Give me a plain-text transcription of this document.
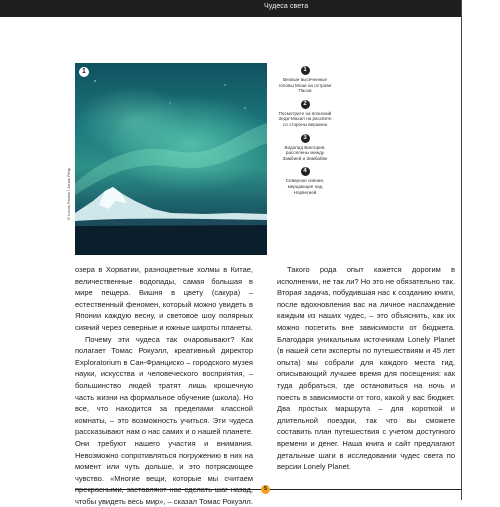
Чудеса света
1
© Lucas Pavlos / Jonas Pimp
1
Вновые высеченные
головы Моаи на острове
Пасхи
2
Посмотрите на японский
Зедж-Махал на рассвете
со стороны вершина
3
Водопад Виктория,
расселены между
Замбией и Зимбабве
4
Северное сияние,
мерцающее над
Норвегией

озера в Хорватии, разноцветные холмы в Китае, величественные водопады, самая большая в мире пещера. Вишня в цвету (сакура) – естественный феномен, который можно увидеть в Японии каждую весну, и световое шоу полярных сияний через северные и южные широты планеты.

Почему эти чудеса так очаровывают? Как полагает Томас Рокуэлл, креативный директор Exploratorium в Сан-Франциско – городского музея науки, искусства и человеческого восприятия, – большинство людей тратят лишь крошечную часть жизни на формальное обучение (школа). Но все, что находится за пределами классной комнаты, – это возможность учиться. Эти чудеса рассказывают нам о нас самих и о нашей планете. Они требуют нашего участия и внимания. Невозможно сопротивляться погружению в них на момент или чуть дольше, и это потрясающее чувство. «Многие вещи, которые мы считаем чтобы увидеть весь мир», – сказал Томас Рокуэлл.

Такого рода опыт кажется дорогим в исполнении, не так ли? Но это не обязательно так. Вторая задача, побудившая нас к созданию книги, после вдохновления вас на личное наслаждение каждым из наших чудес, – это объяснить, как их можно посетить вне зависимости от бюджета. Благодаря уникальным источникам Lonely Planet (в нашей сети эксперты по путешествиям и 45 лет опыта) мы собрали для каждого места гид, описывающий лучшее время для посещения: как туда добраться, где остановиться на ночь и поесть в зависимости от того, какой у вас бюджет. Два простых маршрута – для короткой и длительной поездки, так что вы сможете составить план путешествия с учетом доступного времени и денег. Наша книга и сайт предлагают детальные шаги в исследовании чудес света по версии Lonely Planet.

5
